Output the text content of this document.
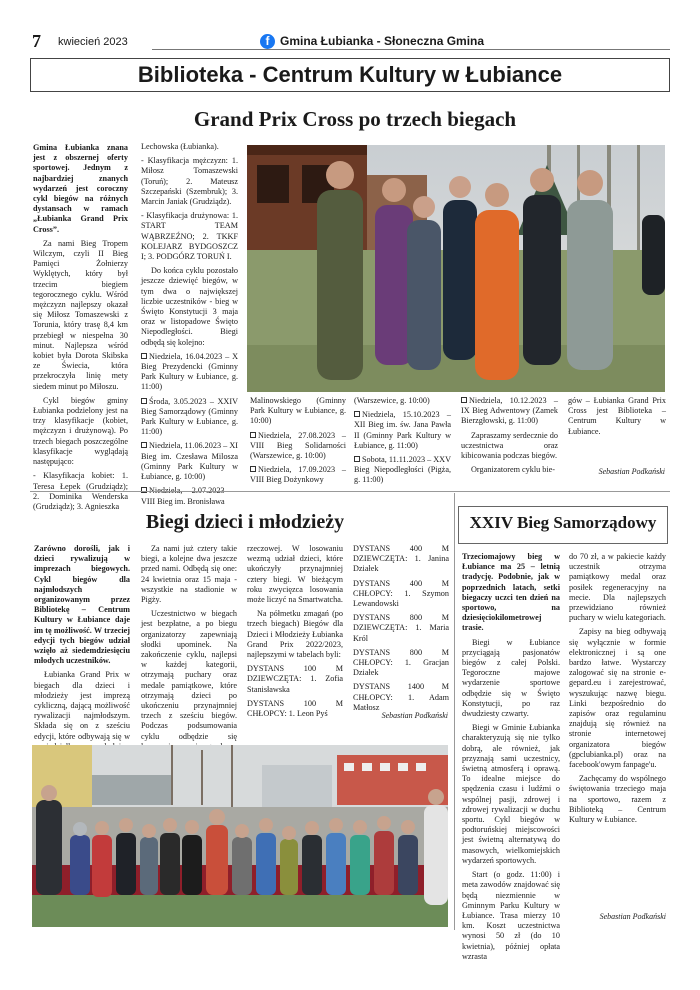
7 kwiecień 2023	f Gmina Łubianka - Słoneczna Gmina
Biblioteka - Centrum Kultury w Łubiance
Grand Prix Cross po trzech biegach

Gmina Łubianka znana jest z obszernej oferty sportowej. Jednym z najbardziej znanych wydarzeń jest coroczny cykl biegów na różnych dystansach w ramach „Łubianka Grand Prix Cross”.

Za nami Bieg Tropem Wilczym, czyli II Bieg Pamięci Żołnierzy Wyklętych, który był trzecim biegiem tegorocznego cyklu. Wśród mężczyzn najlepszy okazał się Miłosz Tomaszewski z Torunia, który trasę 8,4 km przebiegł w niespełna 30 minut. Najlepsza wśród kobiet była Dorota Skibska ze Świecia, która przekroczyła linię mety siedem minut po Miłoszu.

Cykl biegów gminy Łubianka podzielony jest na trzy klasyfikacje (kobiet, mężczyzn i drużynową). Po trzech biegach poszczególne klasyfikacje wyglądają następująco:

- Klasyfikacja kobiet: 1. Teresa Łepek (Grudziądz); 2. Dominika Wenderska (Grudziądz); 3. Agnieszka

Lechowska (Łubianka).

- Klasyfikacja mężczyzn: 1. Miłosz Tomaszewski (Toruń); 2. Mateusz Szczepański (Szembruk); 3. Marcin Janiak (Grudziądz).

- Klasyfikacja drużynowa: 1. START TEAM WĄBRZEŹNO; 2. TKKF KOLEJARZ BYDGOSZCZ I; 3. PODGÓRZ TORUŃ I.

Do końca cyklu pozostało jeszcze dziewięć biegów, w tym dwa o największej liczbie uczestników - bieg w Święto Konstytucji 3 maja oraz w listopadowe Święto Niepodległości. Biegi odbędą się kolejno:

Niedziela, 16.04.2023 – X Bieg Prezydencki (Gminny Park Kultury w Łubiance, g. 11:00)

Środa, 3.05.2023 – XXIV Bieg Samorządowy (Gminny Park Kultury w Łubiance, g. 11:00)

Niedziela, 11.06.2023 – XI Bieg im. Czesława Milosza (Gminny Park Kultury w Łubiance, g. 10:00)

Niedziela, 2.07.2023 – VIII Bieg im. Bronisława

Malinowskiego (Gminny Park Kultury w Łubiance, g. 10:00)

Niedziela, 27.08.2023 – VIII Bieg Solidarności (Warszewice, g. 10:00)

Niedziela, 17.09.2023 – VIII Bieg Dożynkowy

(Warszewice, g. 10:00)

Niedziela, 15.10.2023 – XII Bieg im. św. Jana Pawła II (Gminny Park Kultury w Łubiance, g. 11:00)

Sobota, 11.11.2023 – XXV Bieg Niepodległości (Pigża, g. 11:00)

Niedziela, 10.12.2023 – IX Bieg Adwentowy (Zamek Bierzgłowski, g. 11:00)

Zapraszamy serdecznie do uczestnictwa oraz kibicowania podczas biegów.

Organizatorem cyklu bie-

gów – Łubianka Grand Prix Cross jest Biblioteka – Centrum Kultury w Łubiance.

Sebastian Podkański
Biegi dzieci i młodzieży

Zarówno dorośli, jak i dzieci rywalizują w imprezach biegowych. Cykl biegów dla najmłodszych organizowanym przez Bibliotekę – Centrum Kultury w Łubiance daje im tę możliwość. W trzeciej edycji tych biegów udział wzięło aż siedemdziesięciu młodych uczestników.

Łubianka Grand Prix w biegach dla dzieci i młodzieży jest imprezą cykliczną, dającą możliwość rywalizacji najmłodszym. Składa się on z sześciu edycji, które odbywają się w

Za nami już cztery takie biegi, a kolejne dwa jeszcze przed nami. Odbędą się one: 24 kwietnia oraz 15 maja - wszystkie na stadionie w Pigży.

Uczestnictwo w biegach jest bezpłatne, a po biegu organizatorzy zapewniają słodki upominek. Na zakończenie cyklu, najlepsi w każdej kategorii, otrzymają puchary oraz medale pamiątkowe, które otrzymają dzieci po ukończeniu przynajmniej trzech z sześciu biegów. Podczas podsumowania cyklu odbędzie się

rzeczowej. W losowaniu wezmą udział dzieci, które ukończyły przynajmniej cztery biegi. W bieżącym roku zwycięzca losowania może liczyć na Smartwatcha.

Na półmetku zmagań (po trzech biegach) Biegów dla Dzieci i Młodzieży Łubianka Grand Prix 2022/2023, najlepszymi w tabelach byli:

DYSTANS 100 M DZIEWCZĘTA: 1. Zofia Stanisławska

DYSTANS 100 M CHŁOPCY: 1. Leon Pyś

DYSTANS 400 M DZIEWCZĘTA: 1. Janina Działek

DYSTANS 400 M CHŁOPCY: 1. Szymon Lewandowski

DYSTANS 800 M DZIEWCZĘTA: 1. Maria Król

DYSTANS 800 M CHŁOPCY: 1. Gracjan Działek

DYSTANS 1400 M CHŁOPCY: 1. Adam Matłosz

Sebastian Podkański
XXIV Bieg Samorządowy

Trzeciomajowy bieg w Łubiance ma 25 – letnią tradycję. Podobnie, jak w poprzednich latach, setki biegaczy uczci ten dzień na sportowo, na dziesięciokilometrowej trasie.

Biegi w Łubiance przyciągają pasjonatów biegów z całej Polski. Tegoroczne majowe wydarzenie sportowe odbędzie się w Święto Konstytucji, po raz dwudziesty czwarty.

Biegi w Gminie Łubianka charakteryzują się nie tylko dobrą, ale również, jak przyznają sami uczestnicy, świetną atmosferą i oprawą. To idealne miejsce do spędzenia czasu i ludźmi o wspólnej pasji, zdrowej i zdrowej rywalizacji w duchu sportu. Cykl biegów w podtoruńskiej miejscowości jest świetną alternatywą do masowych, wielkomiejskich wydarzeń sportowych.

Start (o godz. 11:00) i meta zawodów znajdować się będą niezmiennie w Gminnym Parku Kultury w Łubiance. Trasa mierzy 10 km. Koszt uczestnictwa wynosi 50 zł (do 10 kwietnia), później opłata wzrasta

do 70 zł, a w pakiecie każdy uczestnik otrzyma pamiątkowy medal oraz posiłek regeneracyjny na mecie. Dla najlepszych przewidziano również puchary w wielu kategoriach.

Zapisy na bieg odbywają się wyłącznie w formie elektronicznej i są one bardzo łatwe. Wystarczy zalogować się na stronie e-gepard.eu i zarejestrować, wyszukując nazwę biegu. Linki bezpośrednio do zapisów oraz regulaminu znajdują się również na stronie internetowej organizatora biegów (gpclubianka.pl) oraz na facebook'owym fanpage'u.

Zachęcamy do wspólnego świętowania trzeciego maja na sportowo, razem z Biblioteką – Centrum Kultury w Łubiance.

Sebastian Podkański
